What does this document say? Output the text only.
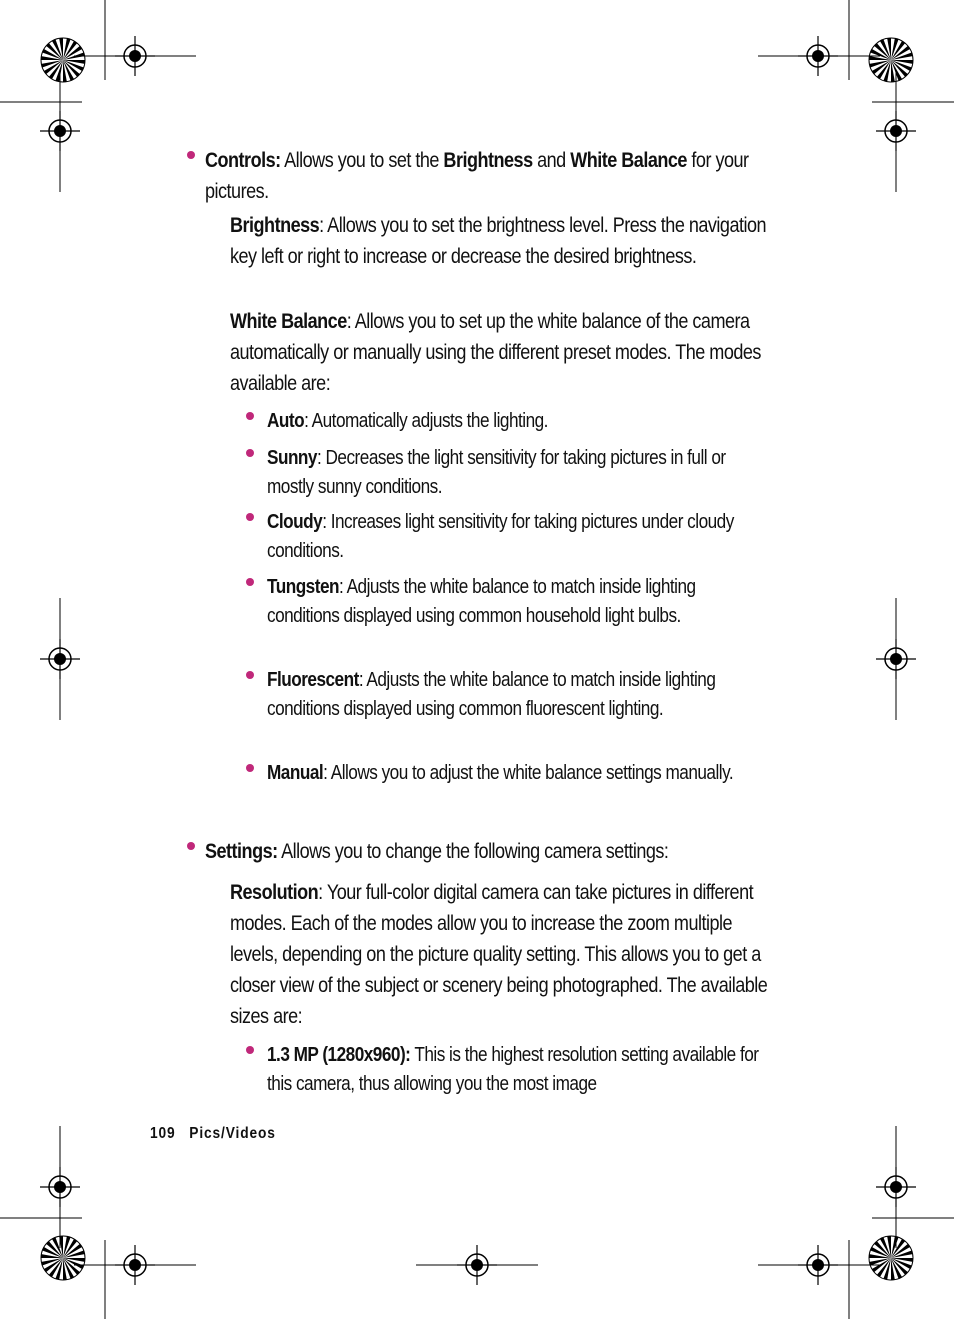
Controls: Allows you to set the Brightness and White Balance for your pictures.

Brightness: Allows you to set the brightness level. Press the navigation key left or right to increase or decrease the desired brightness.

White Balance: Allows you to set up the white balance of the camera automatically or manually using the different preset modes. The modes available are:

Auto: Automatically adjusts the lighting.

Sunny: Decreases the light sensitivity for taking pictures in full or mostly sunny conditions.

Cloudy: Increases light sensitivity for taking pictures under cloudy conditions.

Tungsten: Adjusts the white balance to match inside lighting conditions displayed using common household light bulbs.

Fluorescent: Adjusts the white balance to match inside lighting conditions displayed using common fluorescent lighting.

Manual: Allows you to adjust the white balance settings manually.

Settings: Allows you to change the following camera settings:

Resolution: Your full-color digital camera can take pictures in different modes. Each of the modes allow you to increase the zoom multiple levels, depending on the picture quality setting. This allows you to get a closer view of the subject or scenery being photographed. The available sizes are:

1.3 MP (1280x960): This is the highest resolution setting available for this camera, thus allowing you the most image

109 Pics/Videos
